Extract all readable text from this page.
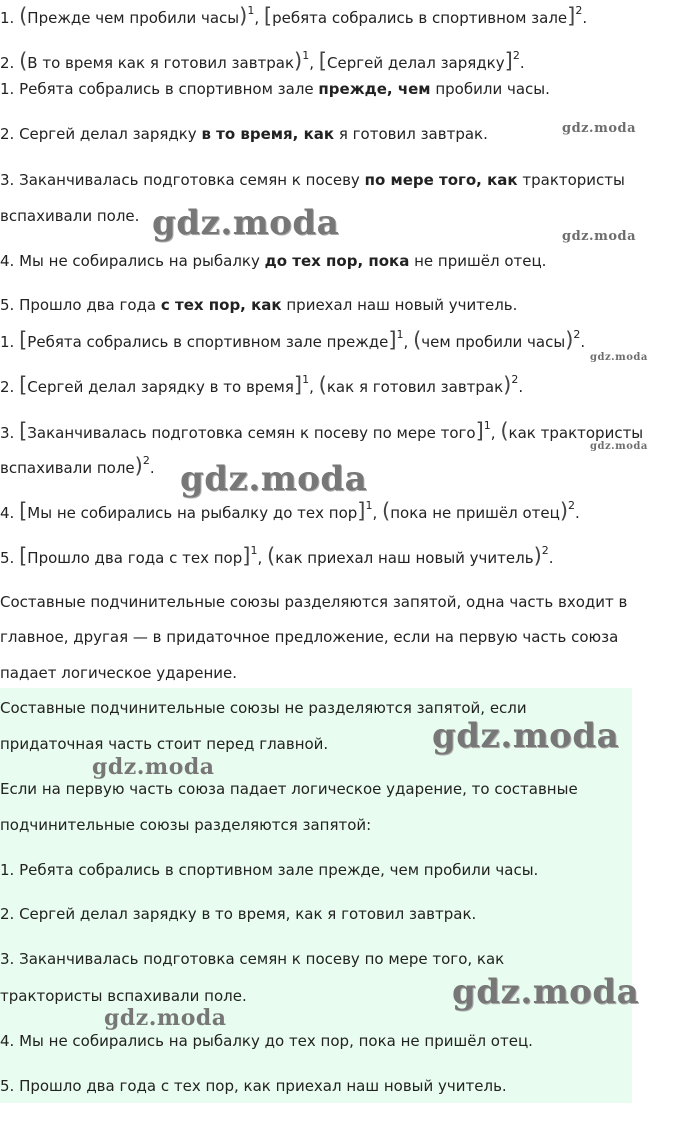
1. (Прежде чем пробили часы)$^1$, [ребята собрались в спортивном зале]$^2$.
2. (В то время как я готовил завтрак)$^1$, [Сергей делал зарядку]$^2$.
1. Ребята собрались в спортивном зале прежде, чем пробили часы.
2. Сергей делал зарядку в то время, как я готовил завтрак.
3. Заканчивалась подготовка семян к посеву по мере того, как трактористы
вспахивали поле.
4. Мы не собирались на рыбалку до тех пор, пока не пришёл отец.
5. Прошло два года с тех пор, как приехал наш новый учитель.
1. [Ребята собрались в спортивном зале прежде]$^1$, (чем пробили часы)$^2$.
2. [Сергей делал зарядку в то время]$^1$, (как я готовил завтрак)$^2$.
3. [Заканчивалась подготовка семян к посеву по мере того]$^1$, (как трактористы
вспахивали поле)$^2$.
4. [Мы не собирались на рыбалку до тех пор]$^1$, (пока не пришёл отец)$^2$.
5. [Прошло два года с тех пор]$^1$, (как приехал наш новый учитель)$^2$.
Составные подчинительные союзы разделяются запятой, одна часть входит в
главное, другая — в придаточное предложение, если на первую часть союза
падает логическое ударение.
Составные подчинительные союзы не разделяются запятой, если
придаточная часть стоит перед главной.
Если на первую часть союза падает логическое ударение, то составные
подчинительные союзы разделяются запятой:
1. Ребята собрались в спортивном зале прежде, чем пробили часы.
2. Сергей делал зарядку в то время, как я готовил завтрак.
3. Заканчивалась подготовка семян к посеву по мере того, как
трактористы вспахивали поле.
4. Мы не собирались на рыбалку до тех пор, пока не пришёл отец.
5. Прошло два года с тех пор, как приехал наш новый учитель.
gdz.moda
gdz.moda	gdz.moda
gdz.moda
gdz.moda
gdz.moda
gdz.moda
gdz.moda
gdz.moda
gdz.moda
